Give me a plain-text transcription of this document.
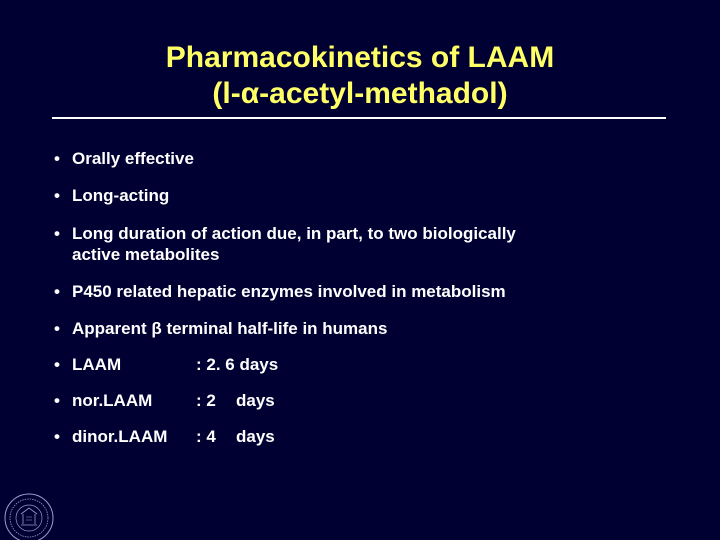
Pharmacokinetics of LAAM
(l-α-acetyl-methadol)
• Orally effective
• Long-acting
• Long duration of action due, in part, to two biologically
active metabolites
• P450 related hepatic enzymes involved in metabolism
• Apparent β terminal half-life in humans
• LAAM	: 2. 6 days
• nor.LAAM	: 2 days
• dinor.LAAM	: 4 days
